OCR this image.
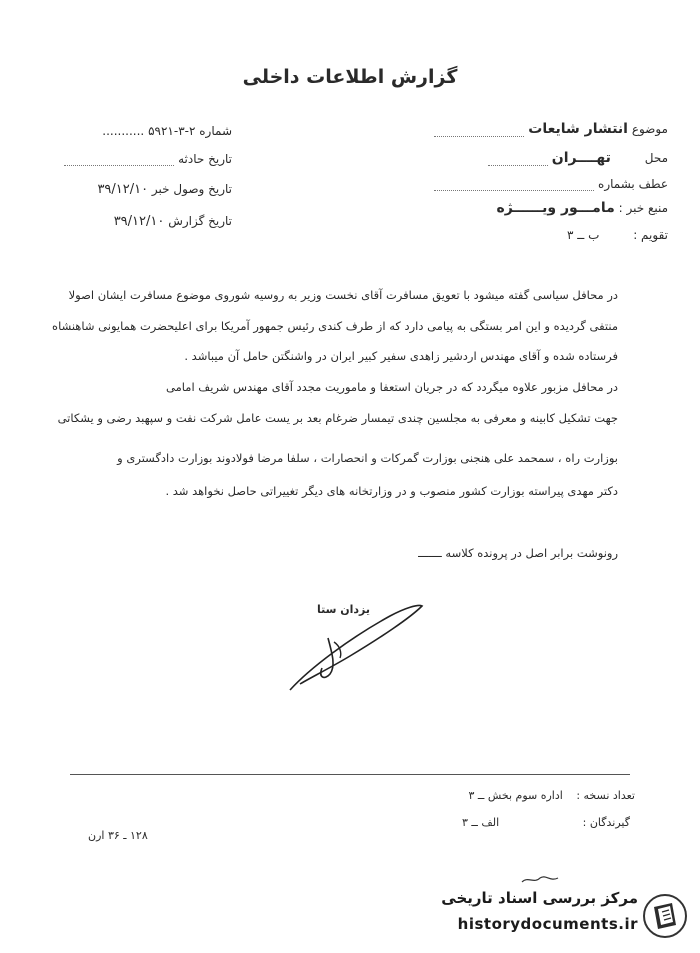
گزارش اطلاعات داخلی
شماره ۲-۳-۵۹۲۱ ...........
تاریخ حادثه
تاریخ وصول خبر ۳۹/۱۲/۱۰
تاریخ گزارش ۳۹/۱۲/۱۰
موضوع انتشار شایعات
محل تهــــران
عطف بشماره
منبع خبر : مامـــور ویــــــژه
تقویم : ب ــ ۳
در محافل سیاسی گفته میشود با تعویق مسافرت آقای نخست وزیر به روسیه شوروی موضوع مسافرت ایشان اصولا
منتفی گردیده و این امر بستگی به پیامی دارد که از طرف کندی رئیس جمهور آمریکا برای اعلیحضرت همایونی شاهنشاه
فرستاده شده و آقای مهندس اردشیر زاهدی سفیر کبیر ایران در واشنگتن حامل آن میباشد .
در محافل مزبور علاوه میگردد که در جریان استعفا و ماموریت مجدد آقای مهندس شریف امامی
جهت تشکیل کابینه و معرفی به مجلسین چندی تیمسار ضرغام بعد بر یست عامل شرکت نفت و سپهبد رضی و یشکاتی
بوزارت راه ، سمحمد علی هنجنی بوزارت گمرکات و انحصارات ، سلفا مرضا فولادوند بوزارت دادگستری و
دکتر مهدی پیراسته بوزارت کشور منصوب و در وزارتخانه های دیگر تغییراتی حاصل نخواهد شد .
رونوشت برابر اصل در پرونده کلاسه ـــــــ
یزدان ستا
تعداد نسخه : اداره سوم بخش ــ ۳
گیرندگان : الف ــ ۳
۱۲۸ ـ ۳۶ ارن
مرکز بررسی اسناد تاریخی
historydocuments.ir
